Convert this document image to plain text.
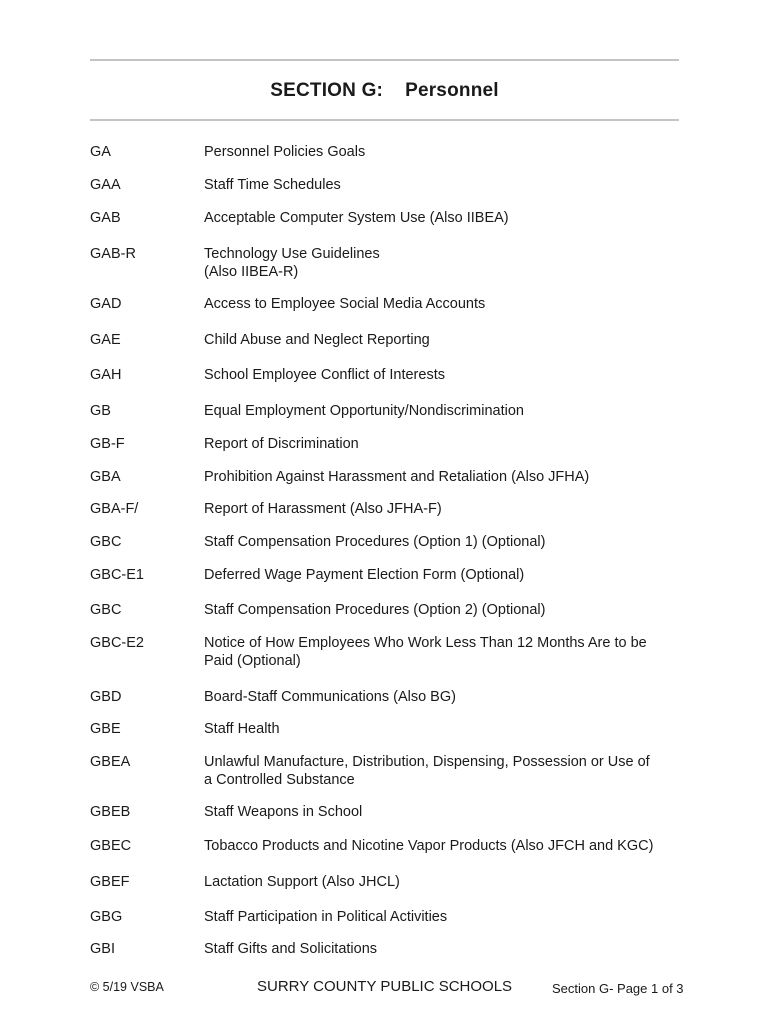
SECTION G: Personnel
GA	Personnel Policies Goals
GAA	Staff Time Schedules
GAB	Acceptable Computer System Use (Also IIBEA)
GAB-R	Technology Use Guidelines
(Also IIBEA-R)
GAD	Access to Employee Social Media Accounts
GAE	Child Abuse and Neglect Reporting
GAH	School Employee Conflict of Interests
GB	Equal Employment Opportunity/Nondiscrimination
GB-F	Report of Discrimination
GBA	Prohibition Against Harassment and Retaliation (Also JFHA)
GBA-F/	Report of Harassment (Also JFHA-F)
GBC	Staff Compensation Procedures (Option 1) (Optional)
GBC-E1	Deferred Wage Payment Election Form (Optional)
GBC	Staff Compensation Procedures (Option 2) (Optional)
GBC-E2	Notice of How Employees Who Work Less Than 12 Months Are to be
Paid (Optional)
GBD	Board-Staff Communications (Also BG)
GBE	Staff Health
GBEA	Unlawful Manufacture, Distribution, Dispensing, Possession or Use of
a Controlled Substance
GBEB	Staff Weapons in School
GBEC	Tobacco Products and Nicotine Vapor Products (Also JFCH and KGC)
GBEF	Lactation Support (Also JHCL)
GBG	Staff Participation in Political Activities
GBI	Staff Gifts and Solicitations
© 5/19 VSBA	SURRY COUNTY PUBLIC SCHOOLS	Section G- Page 1 of 3
